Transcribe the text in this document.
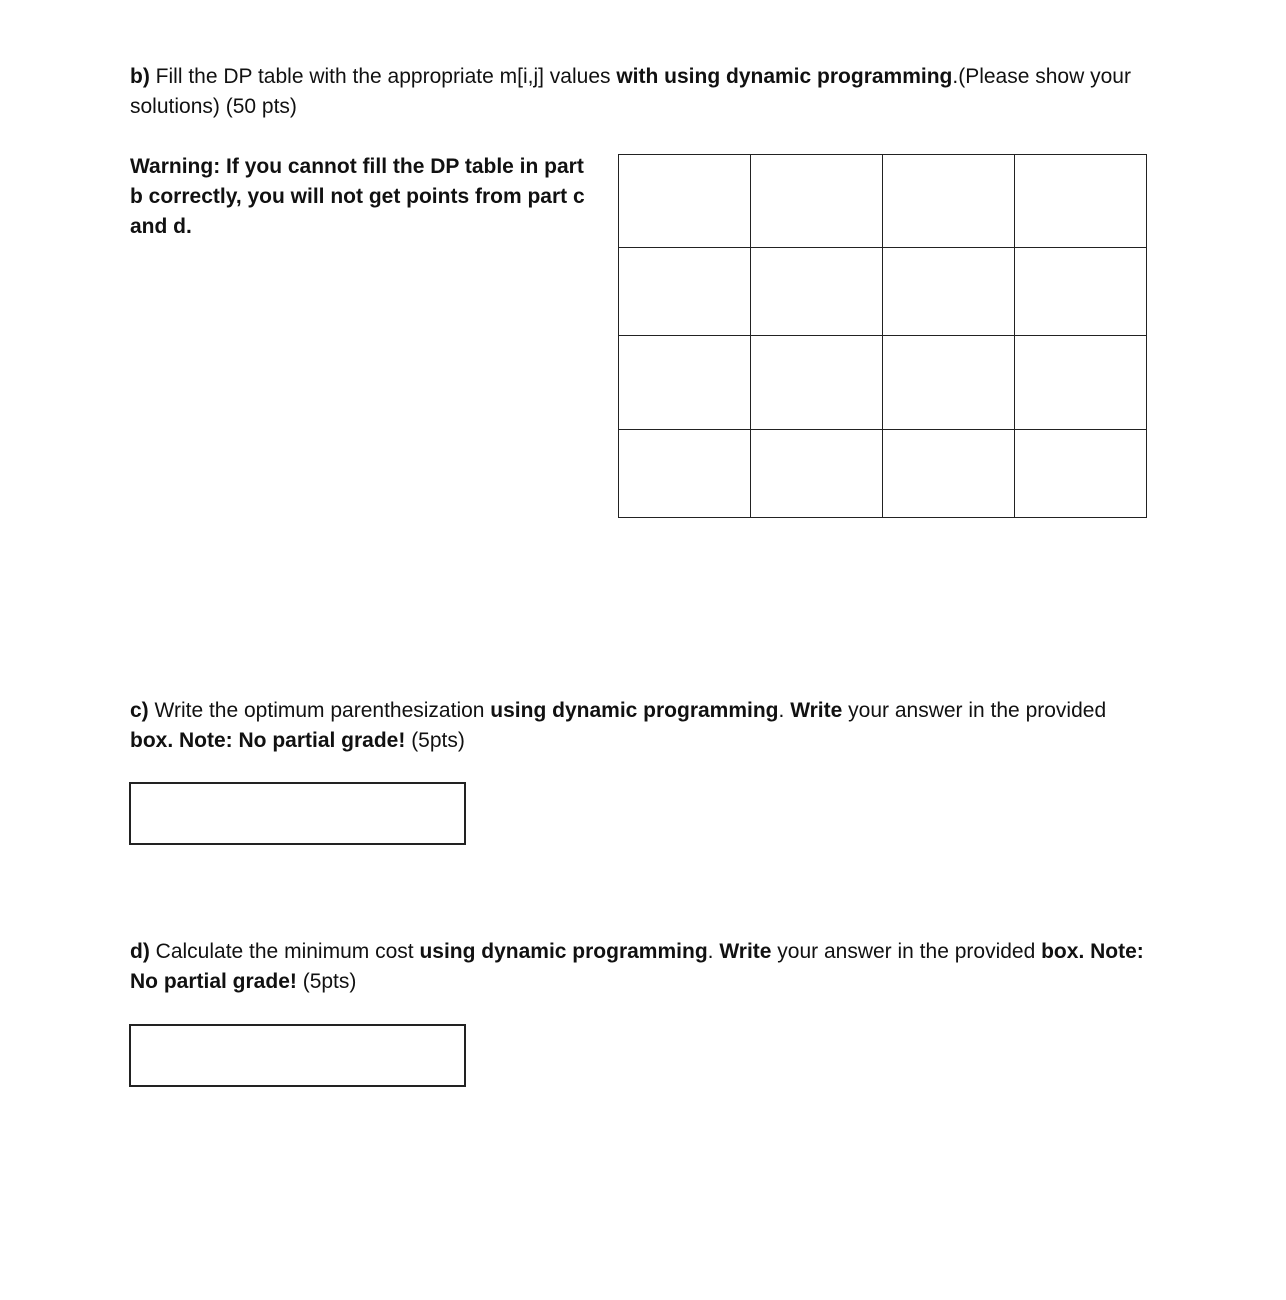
b) Fill the DP table with the appropriate m[i,j] values with using dynamic programming.(Please show your solutions) (50 pts)

Warning: If you cannot fill the DP table in part b correctly, you will not get points from part c and d.

c) Write the optimum parenthesization using dynamic programming. Write your answer in the provided box. Note: No partial grade! (5pts)

d) Calculate the minimum cost using dynamic programming. Write your answer in the provided box. Note: No partial grade! (5pts)
